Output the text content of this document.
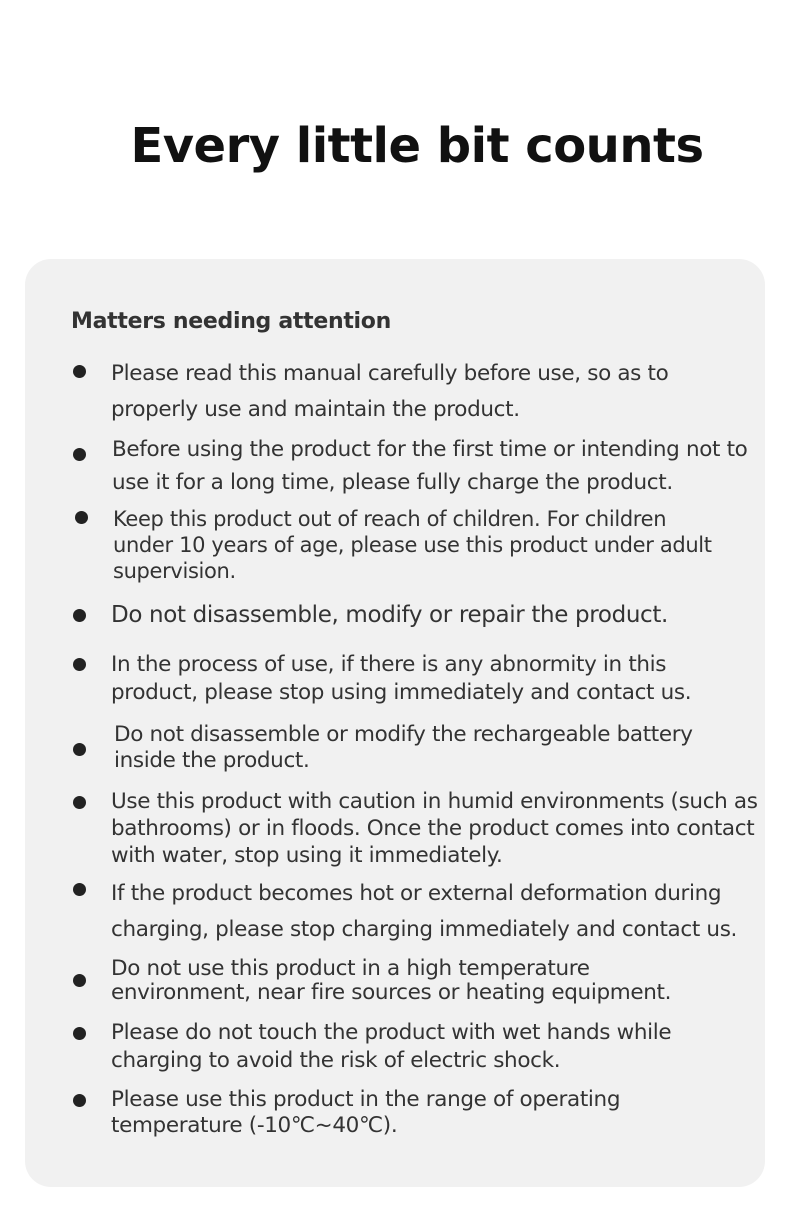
Every little bit counts
Matters needing attention
Please read this manual carefully before use, so as to
properly use and maintain the product.
Before using the product for the first time or intending not to
use it for a long time, please fully charge the product.
Keep this product out of reach of children. For children
under 10 years of age, please use this product under adult
supervision.
Do not disassemble, modify or repair the product.
In the process of use, if there is any abnormity in this
product, please stop using immediately and contact us.
Do not disassemble or modify the rechargeable battery
inside the product.
Use this product with caution in humid environments (such as
bathrooms) or in floods. Once the product comes into contact
with water, stop using it immediately.
If the product becomes hot or external deformation during
charging, please stop charging immediately and contact us.
Do not use this product in a high temperature
environment, near fire sources or heating equipment.
Please do not touch the product with wet hands while
charging to avoid the risk of electric shock.
Please use this product in the range of operating
temperature (-10℃~40℃).
